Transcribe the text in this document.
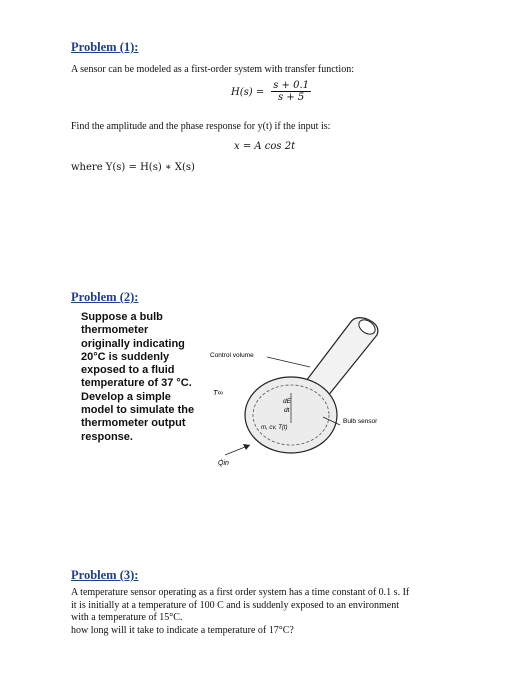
Problem (1):
A sensor can be modeled as a first-order system with transfer function:
$H(s) = \frac{s + 0.1}{s + 5}$
Find the amplitude and the phase response for y(t) if the input is:
x = A cos 2t
where Y(s) = H(s) ∗ X(s)
Problem (2):
Suppose a bulb
thermometer
originally indicating
20°C is suddenly
exposed to a fluid
temperature of 37 °C.
Develop a simple
model to simulate the
thermometer output
response.
Control volume
T∞
dE
dt
m, cv, T(t)
Bulb sensor
Q̇in
Problem (3):
A temperature sensor operating as a first order system has a time constant of 0.1 s. If
it is initially at a temperature of 100 C and is suddenly exposed to an environment
with a temperature of 15°C.
how long will it take to indicate a temperature of 17°C?
